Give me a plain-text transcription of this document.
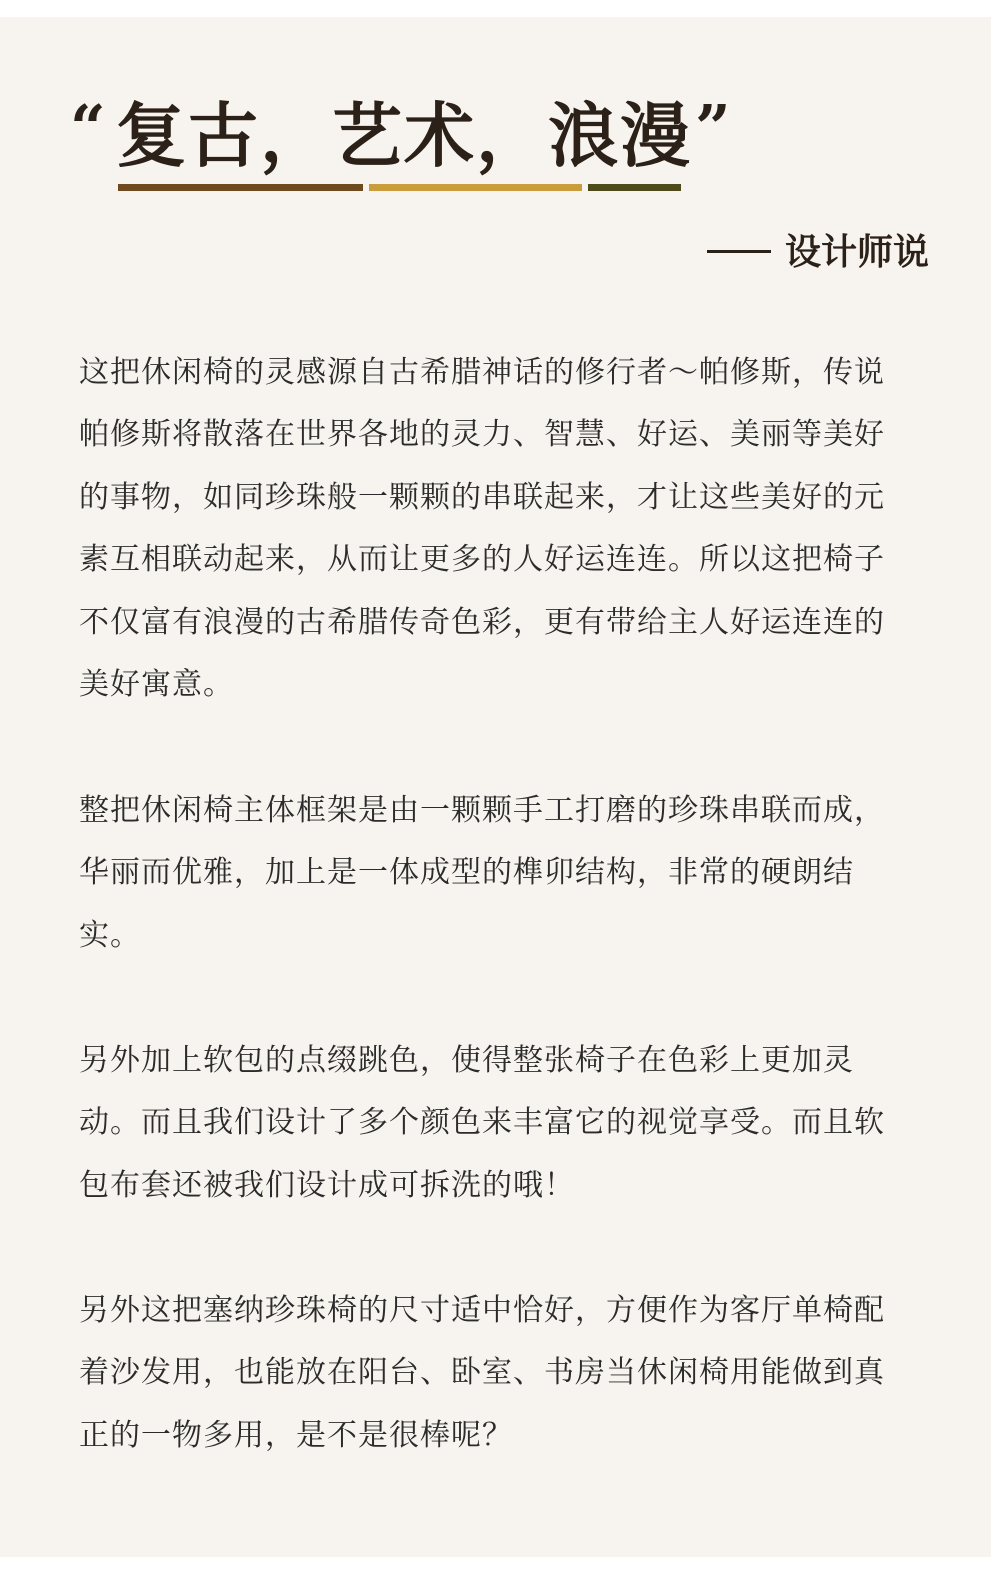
“ 复古，艺术，浪漫 ”
设计师说

这把休闲椅的灵感源自古希腊神话的修行者～帕修斯，传说帕修斯将散落在世界各地的灵力、智慧、好运、美丽等美好的事物，如同珍珠般一颗颗的串联起来，才让这些美好的元素互相联动起来，从而让更多的人好运连连。所以这把椅子不仅富有浪漫的古希腊传奇色彩，更有带给主人好运连连的美好寓意。

整把休闲椅主体框架是由一颗颗手工打磨的珍珠串联而成，华丽而优雅，加上是一体成型的榫卯结构，非常的硬朗结实。

另外加上软包的点缀跳色，使得整张椅子在色彩上更加灵动。而且我们设计了多个颜色来丰富它的视觉享受。而且软包布套还被我们设计成可拆洗的哦！

另外这把塞纳珍珠椅的尺寸适中恰好，方便作为客厅单椅配着沙发用，也能放在阳台、卧室、书房当休闲椅用能做到真正的一物多用，是不是很棒呢？
